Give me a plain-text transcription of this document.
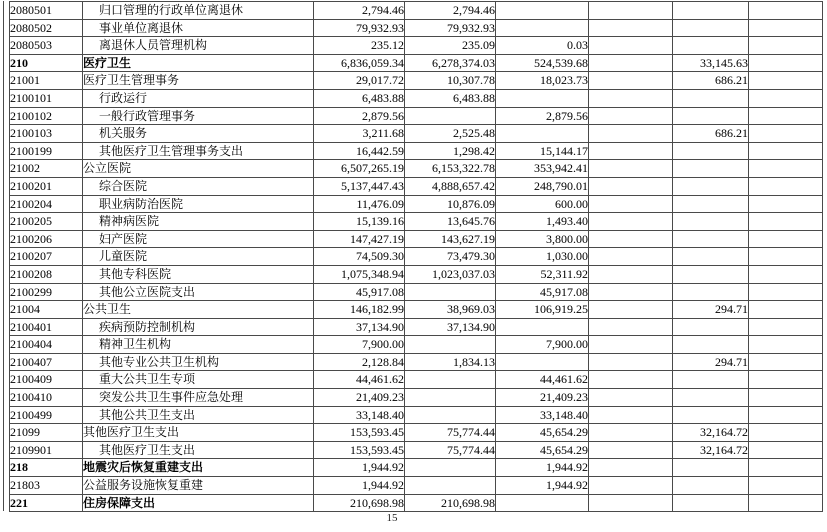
2080501	归口管理的行政单位离退休	2,794.46	2,794.46				
2080502	事业单位离退休	79,932.93	79,932.93				
2080503	离退休人员管理机构	235.12	235.09	0.03			
210	医疗卫生	6,836,059.34	6,278,374.03	524,539.68		33,145.63	
21001	医疗卫生管理事务	29,017.72	10,307.78	18,023.73		686.21	
2100101	行政运行	6,483.88	6,483.88				
2100102	一般行政管理事务	2,879.56		2,879.56			
2100103	机关服务	3,211.68	2,525.48			686.21	
2100199	其他医疗卫生管理事务支出	16,442.59	1,298.42	15,144.17			
21002	公立医院	6,507,265.19	6,153,322.78	353,942.41			
2100201	综合医院	5,137,447.43	4,888,657.42	248,790.01			
2100204	职业病防治医院	11,476.09	10,876.09	600.00			
2100205	精神病医院	15,139.16	13,645.76	1,493.40			
2100206	妇产医院	147,427.19	143,627.19	3,800.00			
2100207	儿童医院	74,509.30	73,479.30	1,030.00			
2100208	其他专科医院	1,075,348.94	1,023,037.03	52,311.92			
2100299	其他公立医院支出	45,917.08		45,917.08			
21004	公共卫生	146,182.99	38,969.03	106,919.25		294.71	
2100401	疾病预防控制机构	37,134.90	37,134.90				
2100404	精神卫生机构	7,900.00		7,900.00			
2100407	其他专业公共卫生机构	2,128.84	1,834.13			294.71	
2100409	重大公共卫生专项	44,461.62		44,461.62			
2100410	突发公共卫生事件应急处理	21,409.23		21,409.23			
2100499	其他公共卫生支出	33,148.40		33,148.40			
21099	其他医疗卫生支出	153,593.45	75,774.44	45,654.29		32,164.72	
2109901	其他医疗卫生支出	153,593.45	75,774.44	45,654.29		32,164.72	
218	地震灾后恢复重建支出	1,944.92		1,944.92			
21803	公益服务设施恢复重建	1,944.92		1,944.92			
221	住房保障支出	210,698.98	210,698.98				
15
